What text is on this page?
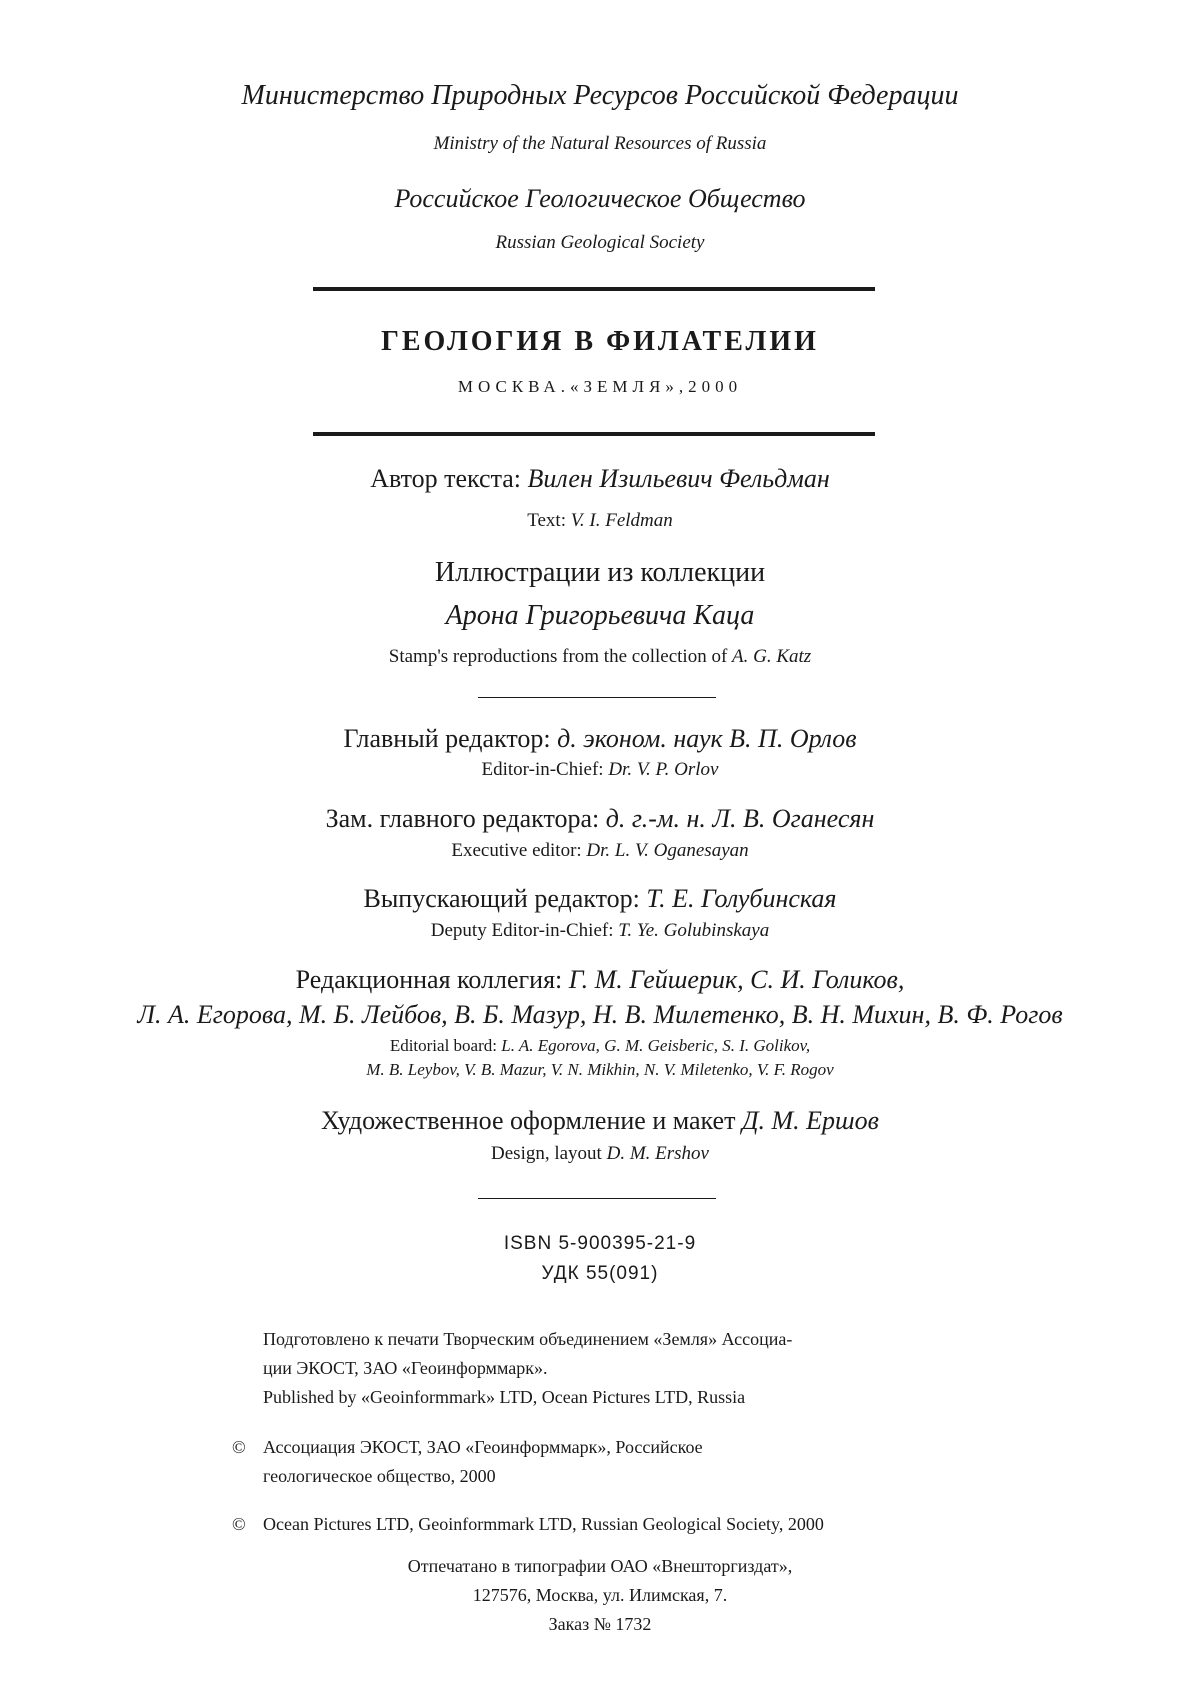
Министерство Природных Ресурсов Российской Федерации
Ministry of the Natural Resources of Russia
Российское Геологическое Общество
Russian Geological Society
ГЕОЛОГИЯ В ФИЛАТЕЛИИ
МОСКВА.«ЗЕМЛЯ»,2000
Автор текста: Вилен Изильевич Фельдман
Text: V. I. Feldman
Иллюстрации из коллекции
Арона Григорьевича Каца
Stamp's reproductions from the collection of A. G. Katz
Главный редактор: д. эконом. наук В. П. Орлов
Editor-in-Chief: Dr. V. P. Orlov
Зам. главного редактора: д. г.-м. н. Л. В. Оганесян
Executive editor: Dr. L. V. Oganesayan
Выпускающий редактор: Т. Е. Голубинская
Deputy Editor-in-Chief: T. Ye. Golubinskaya
Редакционная коллегия: Г. М. Гейшерик, С. И. Голиков,
Л. А. Егорова, М. Б. Лейбов, В. Б. Мазур, Н. В. Милетенко, В. Н. Михин, В. Ф. Рогов
Editorial board: L. A. Egorova, G. M. Geisberic, S. I. Golikov,
M. B. Leybov, V. B. Mazur, V. N. Mikhin, N. V. Miletenko, V. F. Rogov
Художественное оформление и макет Д. М. Ершов
Design, layout D. M. Ershov
ISBN 5-900395-21-9
УДК 55(091)
Подготовлено к печати Творческим объединением «Земля» Ассоциа-
ции ЭКОСТ, ЗАО «Геоинформмарк».
Published by «Geoinformmark» LTD, Ocean Pictures LTD, Russia
© Ассоциация ЭКОСТ, ЗАО «Геоинформмарк», Российское
геологическое общество, 2000
© Ocean Pictures LTD, Geoinformmark LTD, Russian Geological Society, 2000
Отпечатано в типографии ОАО «Внешторгиздат»,
127576, Москва, ул. Илимская, 7.
Заказ № 1732
